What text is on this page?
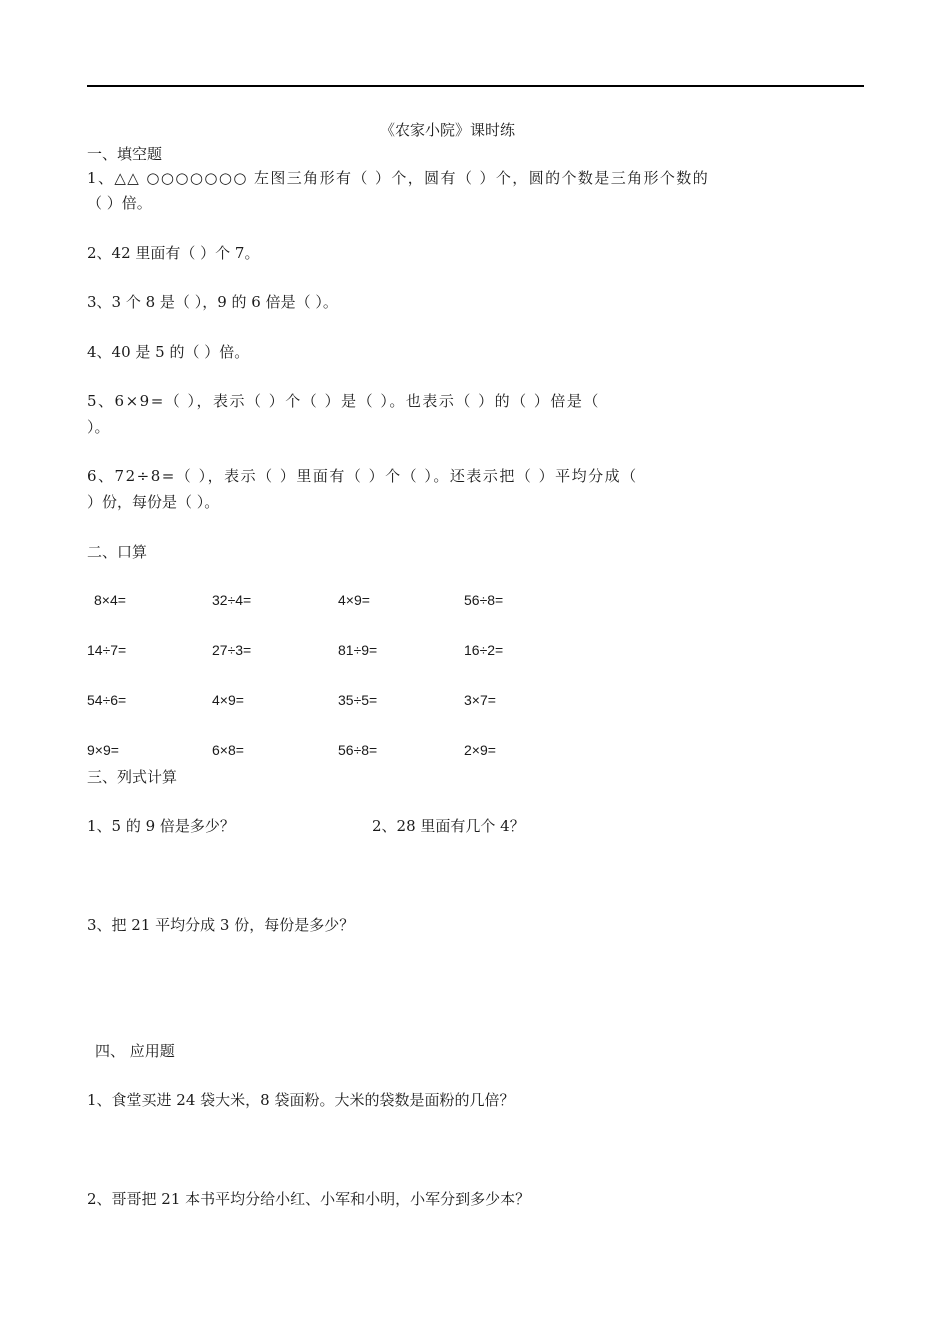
《农家小院》课时练
一、填空题
1、△△ ○○○○○○○ 左图三角形有（ ）个，圆有（ ）个，圆的个数是三角形个数的
（ ）倍。
2、42 里面有（ ）个 7。
3、3 个 8 是（ ），9 的 6 倍是（ ）。
4、40 是 5 的（ ）倍。
5、6×9=（ ），表示（ ）个（ ）是（ ）。也表示（ ）的（ ）倍是（
）。
6、72÷8=（ ），表示（ ）里面有（ ）个（ ）。还表示把（ ）平均分成（
）份，每份是（ ）。
二、口算
8×4=	32÷4=	4×9=	56÷8=
14÷7=	27÷3=	81÷9=	16÷2=
54÷6=	4×9=	35÷5=	3×7=
9×9=	6×8=	56÷8=	2×9=
三、列式计算
1、5 的 9 倍是多少？	2、28 里面有几个 4？
3、把 21 平均分成 3 份，每份是多少？
四、 应用题
1、食堂买进 24 袋大米，8 袋面粉。大米的袋数是面粉的几倍？
2、哥哥把 21 本书平均分给小红、小军和小明，小军分到多少本？
